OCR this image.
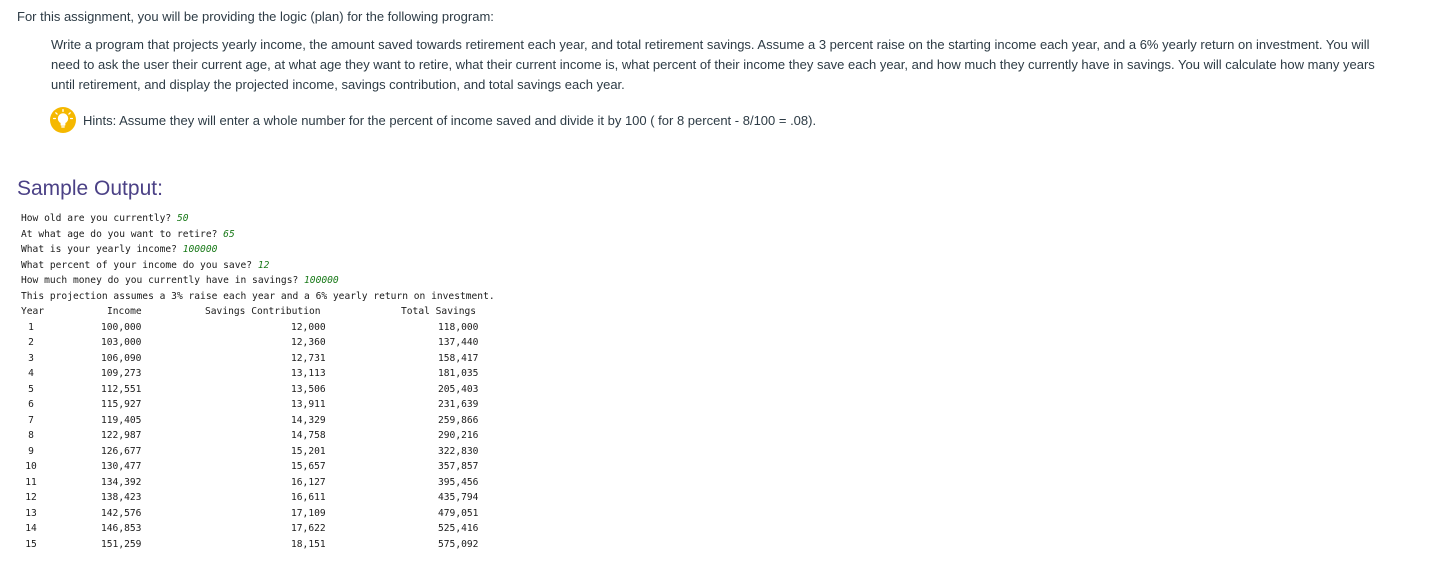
For this assignment, you will be providing the logic (plan) for the following program:

Write a program that projects yearly income, the amount saved towards retirement each year, and total retirement savings. Assume a 3 percent raise on the starting income each year, and a 6% yearly return on investment. You will need to ask the user their current age, at what age they want to retire, what their current income is, what percent of their income they save each year, and how much they currently have in savings. You will calculate how many years until retirement, and display the projected income, savings contribution, and total savings each year.

Hints: Assume they will enter a whole number for the percent of income saved and divide it by 100 ( for 8 percent - 8/100 = .08).
Sample Output:
How old are you currently? 50
At what age do you want to retire? 65
What is your yearly income? 100000
What percent of your income do you save? 12
How much money do you currently have in savings? 100000
This projection assumes a 3% raise each year and a 6% yearly return on investment.
Year	Income	Savings Contribution	Total Savings
1	100,000	12,000	118,000
2	103,000	12,360	137,440
3	106,090	12,731	158,417
4	109,273	13,113	181,035
5	112,551	13,506	205,403
6	115,927	13,911	231,639
7	119,405	14,329	259,866
8	122,987	14,758	290,216
9	126,677	15,201	322,830
10	130,477	15,657	357,857
11	134,392	16,127	395,456
12	138,423	16,611	435,794
13	142,576	17,109	479,051
14	146,853	17,622	525,416
15	151,259	18,151	575,092
